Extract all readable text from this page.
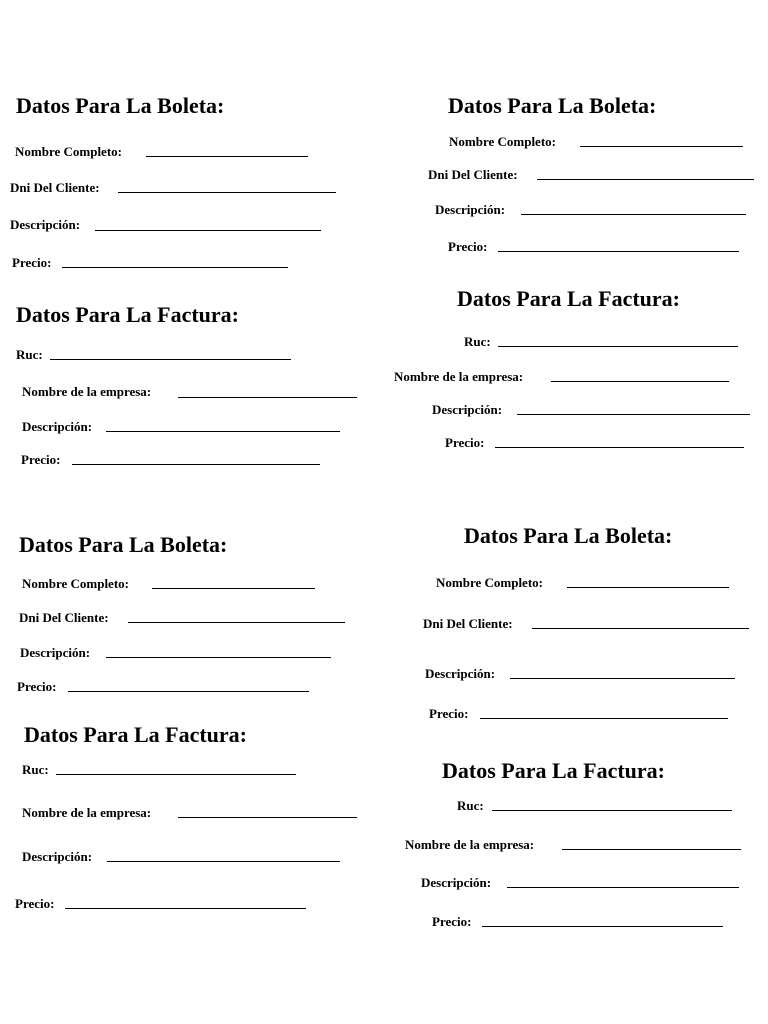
Datos Para La Boleta:
Nombre Completo:
Dni Del Cliente:
Descripción:
Precio:
Datos Para La Factura:
Ruc:
Nombre de la empresa:
Descripción:
Precio:
Datos Para La Boleta:
Nombre Completo:
Dni Del Cliente:
Descripción:
Precio:
Datos Para La Factura:
Ruc:
Nombre de la empresa:
Descripción:
Precio:
Datos Para La Boleta:
Nombre Completo:
Dni Del Cliente:
Descripción:
Precio:
Datos Para La Factura:
Ruc:
Nombre de la empresa:
Descripción:
Precio:
Datos Para La Boleta:
Nombre Completo:
Dni Del Cliente:
Descripción:
Precio:
Datos Para La Factura:
Ruc:
Nombre de la empresa:
Descripción:
Precio:
